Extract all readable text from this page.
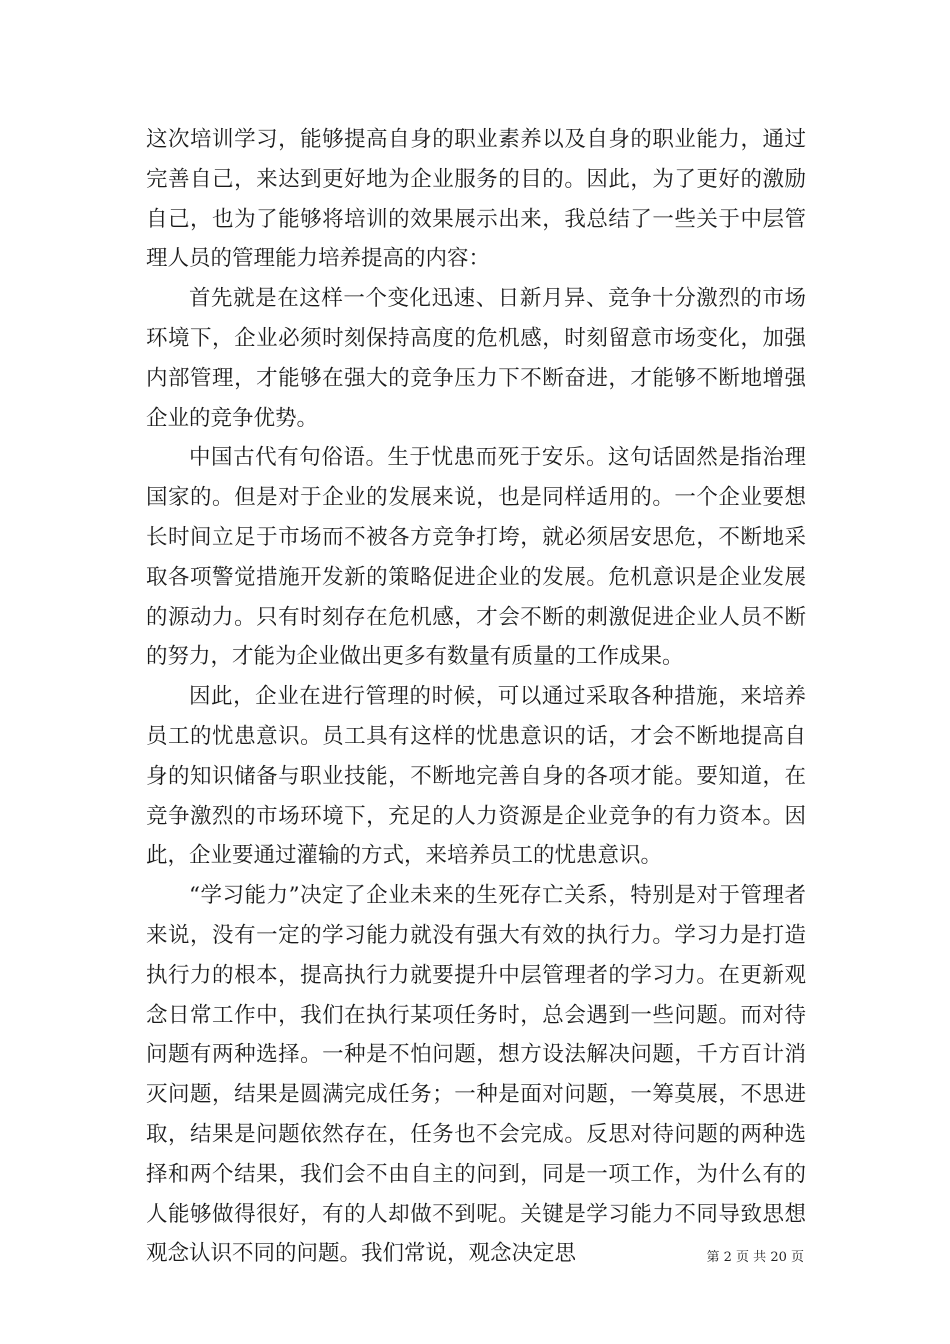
这次培训学习，能够提高自身的职业素养以及自身的职业能力，通过完善自己，来达到更好地为企业服务的目的。因此，为了更好的激励自己，也为了能够将培训的效果展示出来，我总结了一些关于中层管理人员的管理能力培养提高的内容：

首先就是在这样一个变化迅速、日新月异、竞争十分激烈的市场环境下，企业必须时刻保持高度的危机感，时刻留意市场变化，加强内部管理，才能够在强大的竞争压力下不断奋进，才能够不断地增强企业的竞争优势。

中国古代有句俗语。生于忧患而死于安乐。这句话固然是指治理国家的。但是对于企业的发展来说，也是同样适用的。一个企业要想长时间立足于市场而不被各方竞争打垮，就必须居安思危，不断地采取各项警觉措施开发新的策略促进企业的发展。危机意识是企业发展的源动力。只有时刻存在危机感，才会不断的刺激促进企业人员不断的努力，才能为企业做出更多有数量有质量的工作成果。

因此，企业在进行管理的时候，可以通过采取各种措施，来培养员工的忧患意识。员工具有这样的忧患意识的话，才会不断地提高自身的知识储备与职业技能，不断地完善自身的各项才能。要知道，在竞争激烈的市场环境下，充足的人力资源是企业竞争的有力资本。因此，企业要通过灌输的方式，来培养员工的忧患意识。

“学习能力”决定了企业未来的生死存亡关系，特别是对于管理者来说，没有一定的学习能力就没有强大有效的执行力。学习力是打造执行力的根本，提高执行力就要提升中层管理者的学习力。在更新观念日常工作中，我们在执行某项任务时，总会遇到一些问题。而对待问题有两种选择。一种是不怕问题，想方设法解决问题，千方百计消灭问题，结果是圆满完成任务；一种是面对问题，一筹莫展，不思进取，结果是问题依然存在，任务也不会完成。反思对待问题的两种选择和两个结果，我们会不由自主的问到，同是一项工作，为什么有的人能够做得很好，有的人却做不到呢。关键是学习能力不同导致思想观念认识不同的问题。我们常说，观念决定思	第 2 页 共 20 页
